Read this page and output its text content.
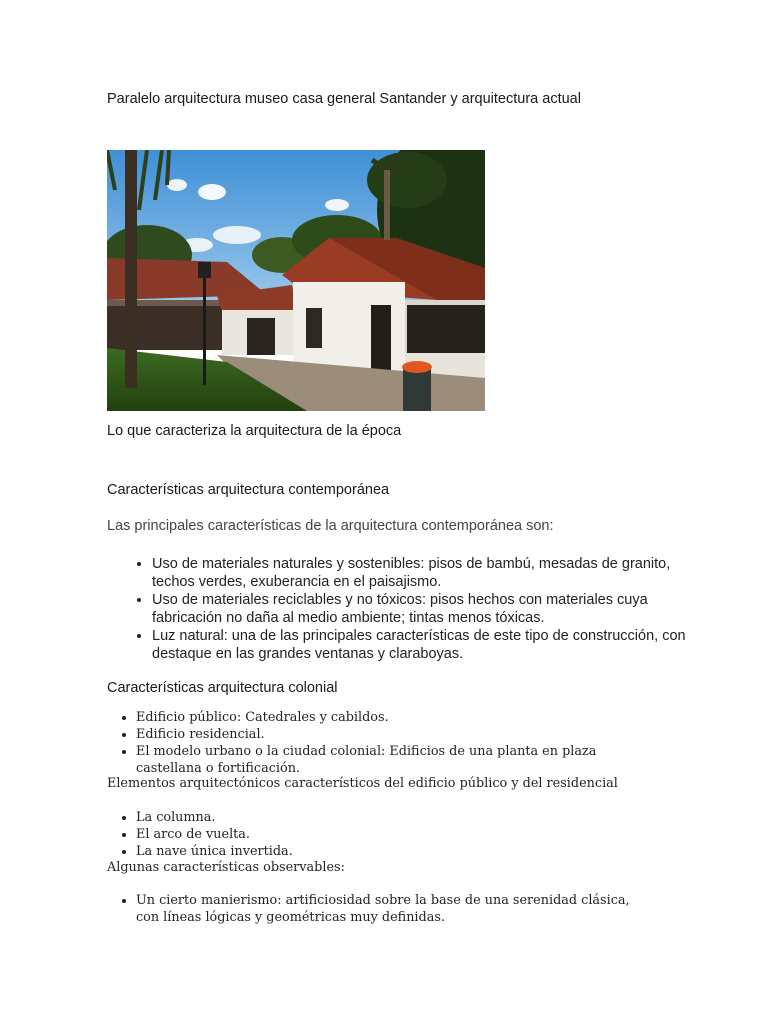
Paralelo arquitectura museo casa general Santander y arquitectura actual
Lo que caracteriza la arquitectura de la época
Características arquitectura contemporánea
Las principales características de la arquitectura contemporánea son:
• Uso de materiales naturales y sostenibles: pisos de bambú, mesadas de granito, techos verdes, exuberancia en el paisajismo.
• Uso de materiales reciclables y no tóxicos: pisos hechos con materiales cuya fabricación no daña al medio ambiente; tintas menos tóxicas.
• Luz natural: una de las principales características de este tipo de construcción, con destaque en las grandes ventanas y claraboyas.
Características arquitectura colonial
• Edificio público: Catedrales y cabildos.
• Edificio residencial.
• El modelo urbano o la ciudad colonial: Edificios de una planta en plaza castellana o fortificación.
Elementos arquitectónicos característicos del edificio público y del residencial
• La columna.
• El arco de vuelta.
• La nave única invertida.
Algunas características observables:
• Un cierto manierismo: artificiosidad sobre la base de una serenidad clásica, con líneas lógicas y geométricas muy definidas.
